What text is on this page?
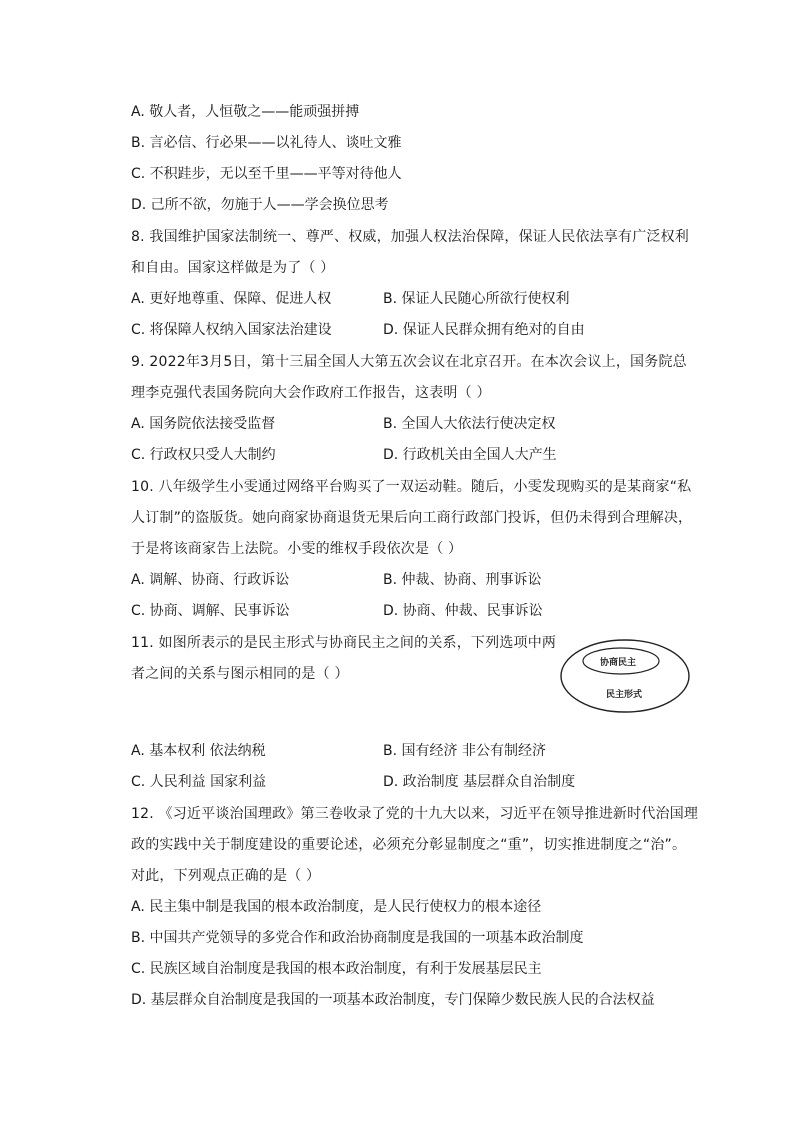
A. 敬人者，人恒敬之——能顽强拼搏
B. 言必信、行必果——以礼待人、谈吐文雅
C. 不积跬步，无以至千里——平等对待他人
D. 己所不欲，勿施于人——学会换位思考
8. 我国维护国家法制统一、尊严、权威，加强人权法治保障，保证人民依法享有广泛权利
和自由。国家这样做是为了（ ）
A. 更好地尊重、保障、促进人权	B. 保证人民随心所欲行使权利
C. 将保障人权纳入国家法治建设	D. 保证人民群众拥有绝对的自由
9. 2022年3月5日，第十三届全国人大第五次会议在北京召开。在本次会议上，国务院总
理李克强代表国务院向大会作政府工作报告，这表明（ ）
A. 国务院依法接受监督	B. 全国人大依法行使决定权
C. 行政权只受人大制约	D. 行政机关由全国人大产生
10. 八年级学生小雯通过网络平台购买了一双运动鞋。随后，小雯发现购买的是某商家“私
人订制”的盗版货。她向商家协商退货无果后向工商行政部门投诉，但仍未得到合理解决，
于是将该商家告上法院。小雯的维权手段依次是（ ）
A. 调解、协商、行政诉讼	B. 仲裁、协商、刑事诉讼
C. 协商、调解、民事诉讼	D. 协商、仲裁、民事诉讼
11. 如图所表示的是民主形式与协商民主之间的关系，下列选项中两
者之间的关系与图示相同的是（ ）
协商民主
民主形式
A. 基本权利 依法纳税	B. 国有经济 非公有制经济
C. 人民利益 国家利益	D. 政治制度 基层群众自治制度
12. 《习近平谈治国理政》第三卷收录了党的十九大以来，习近平在领导推进新时代治国理
政的实践中关于制度建设的重要论述，必须充分彰显制度之“重”，切实推进制度之“治”。
对此，下列观点正确的是（ ）
A. 民主集中制是我国的根本政治制度，是人民行使权力的根本途径
B. 中国共产党领导的多党合作和政治协商制度是我国的一项基本政治制度
C. 民族区域自治制度是我国的根本政治制度，有利于发展基层民主
D. 基层群众自治制度是我国的一项基本政治制度，专门保障少数民族人民的合法权益
